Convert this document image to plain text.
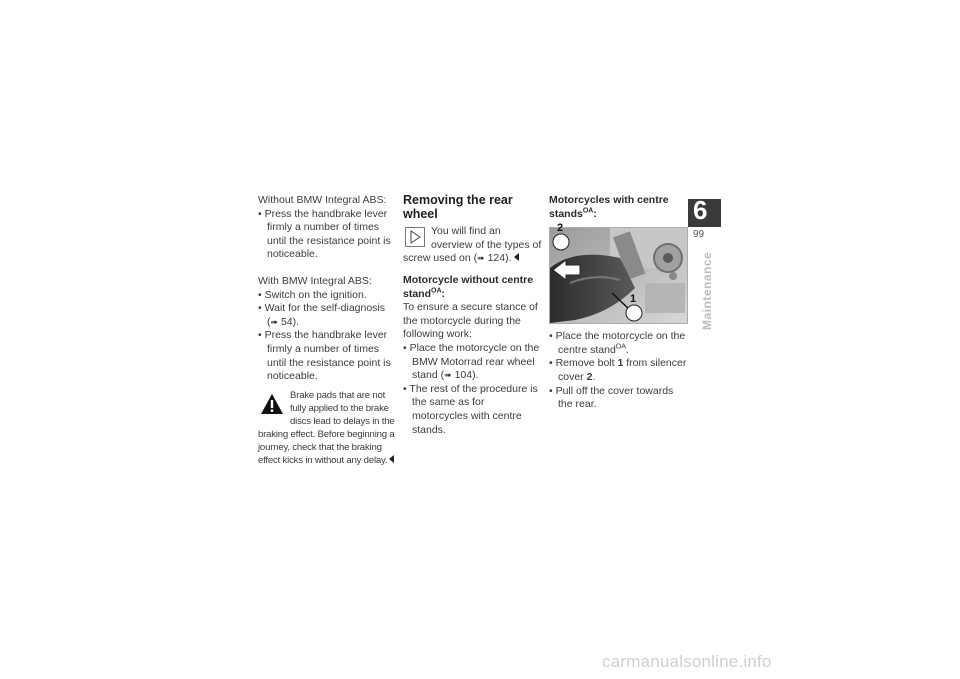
Without BMW Integral ABS:

• Press the handbrake lever firmly a number of times until the resistance point is noticeable.

With BMW Integral ABS:

• Switch on the ignition.

• Wait for the self-diagnosis (➠ 54).

• Press the handbrake lever firmly a number of times until the resistance point is noticeable.

Brake pads that are not fully applied to the brake discs lead to delays in the braking effect. Before beginning a journey, check that the braking effect kicks in without any delay.

Removing the rear wheel

You will find an overview of the types of screw used on (➠ 124).

Motorcycle without centre stand$^{OA}$:

To ensure a secure stance of the motorcycle during the following work:

• Place the motorcycle on the BMW Motorrad rear wheel stand (➠ 104).

• The rest of the procedure is the same as for motorcycles with centre stands.

Motorcycles with centre stands$^{OA}$:

2
1

• Place the motorcycle on the centre stand$^{OA}$.

• Remove bolt 1 from silencer cover 2.

• Pull off the cover towards the rear.

6
99
Maintenance
carmanualsonline.info
